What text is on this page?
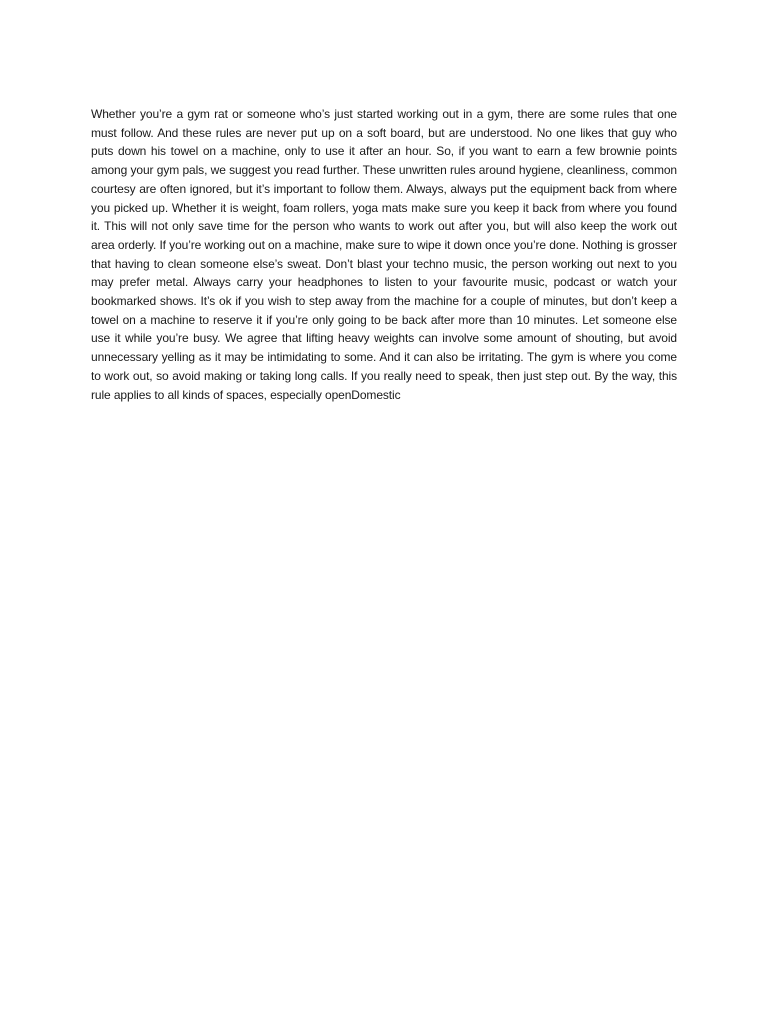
Whether you’re a gym rat or someone who’s just started working out in a gym, there are some rules that one must follow. And these rules are never put up on a soft board, but are understood. No one likes that guy who puts down his towel on a machine, only to use it after an hour. So, if you want to earn a few brownie points among your gym pals, we suggest you read further. These unwritten rules around hygiene, cleanliness, common courtesy are often ignored, but it’s important to follow them. Always, always put the equipment back from where you picked up. Whether it is weight, foam rollers, yoga mats make sure you keep it back from where you found it. This will not only save time for the person who wants to work out after you, but will also keep the work out area orderly. If you’re working out on a machine, make sure to wipe it down once you’re done. Nothing is grosser that having to clean someone else’s sweat. Don’t blast your techno music, the person working out next to you may prefer metal. Always carry your headphones to listen to your favourite music, podcast or watch your bookmarked shows. It’s ok if you wish to step away from the machine for a couple of minutes, but don’t keep a towel on a machine to reserve it if you’re only going to be back after more than 10 minutes. Let someone else use it while you’re busy. We agree that lifting heavy weights can involve some amount of shouting, but avoid unnecessary yelling as it may be intimidating to some. And it can also be irritating. The gym is where you come to work out, so avoid making or taking long calls. If you really need to speak, then just step out. By the way, this rule applies to all kinds of spaces, especially openDomestic
